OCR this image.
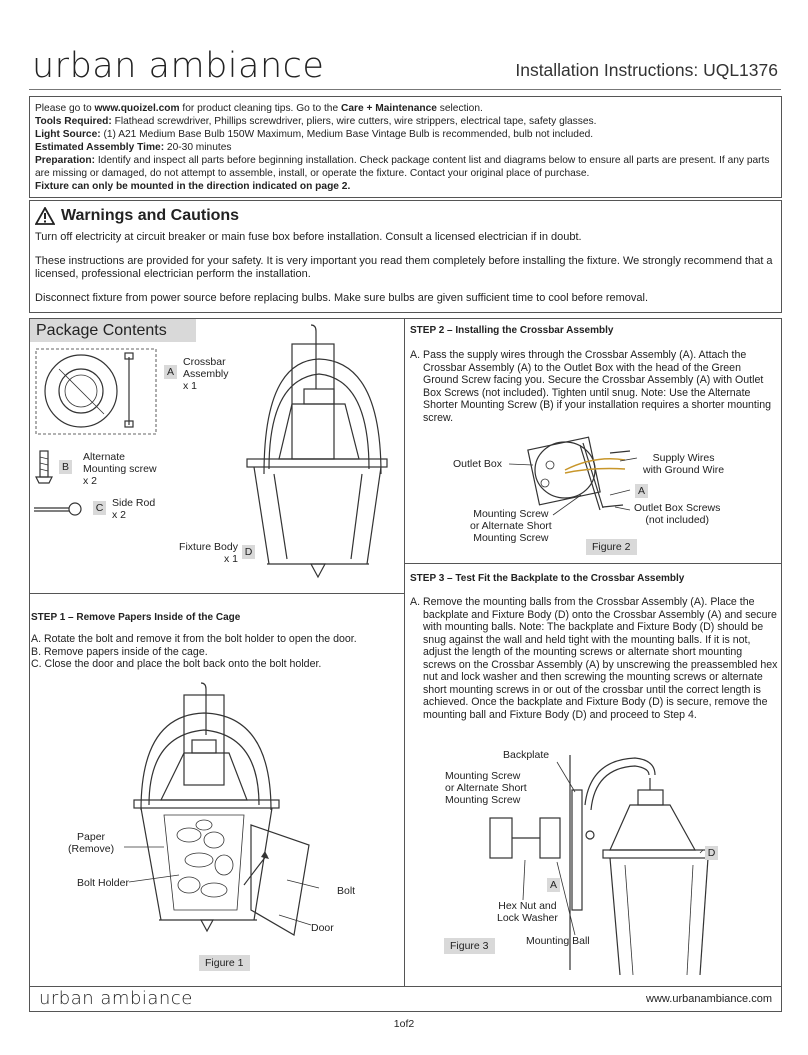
urban ambiance	Installation Instructions: UQL1376

Please go to www.quoizel.com for product cleaning tips. Go to the Care + Maintenance selection.

Tools Required: Flathead screwdriver, Phillips screwdriver, pliers, wire cutters, wire strippers, electrical tape, safety glasses.

Light Source: (1) A21 Medium Base Bulb 150W Maximum, Medium Base Vintage Bulb is recommended, bulb not included.

Estimated Assembly Time: 20-30 minutes

Preparation: Identify and inspect all parts before beginning installation. Check package content list and diagrams below to ensure all parts are present. If any parts are missing or damaged, do not attempt to assemble, install, or operate the fixture. Contact your original place of purchase.

Fixture can only be mounted in the direction indicated on page 2.

Warnings and Cautions

Turn off electricity at circuit breaker or main fuse box before installation. Consult a licensed electrician if in doubt.

These instructions are provided for your safety. It is very important you read them completely before installing the fixture. We strongly recommend that a licensed, professional electrician perform the installation.

Disconnect fixture from power source before replacing bulbs. Make sure bulbs are given sufficient time to cool before removal.

Package Contents
A
Crossbar
Assembly
x 1
B
Alternate
Mounting screw
x 2
C Side Rod
x 2
Fixture Body
x 1
D
STEP 1 – Remove Papers Inside of the Cage

A. Rotate the bolt and remove it from the bolt holder to open the door.

B. Remove papers inside of the cage.

C. Close the door and place the bolt back onto the bolt holder.

Paper
(Remove)
Bolt Holder
Bolt
Door
Figure 1
STEP 2 – Installing the Crossbar Assembly
A. Pass the supply wires through the Crossbar Assembly (A). Attach the Crossbar Assembly (A) to the Outlet Box with the head of the Green Ground Screw facing you. Secure the Crossbar Assembly (A) with Outlet Box Screws (not included). Tighten until snug. Note: Use the Alternate Shorter Mounting Screw (B) if your installation requires a shorter mounting screw.
Outlet Box	Supply Wires
with Ground Wire
A
Mounting Screw
or Alternate Short
Mounting Screw
Outlet Box Screws
(not included)
Figure 2
STEP 3 – Test Fit the Backplate to the Crossbar Assembly
A. Remove the mounting balls from the Crossbar Assembly (A). Place the backplate and Fixture Body (D) onto the Crossbar Assembly (A) and secure with mounting balls. Note: The backplate and Fixture Body (D) should be snug against the wall and held tight with the mounting balls. If it is not, adjust the length of the mounting screws or alternate short mounting screws on the Crossbar Assembly (A) by unscrewing the preassembled hex nut and lock washer and then screwing the mounting screws or alternate short mounting screws in or out of the crossbar until the correct length is achieved. Once the backplate and Fixture Body (D) is secure, remove the mounting ball and Fixture Body (D) and proceed to Step 4.
Backplate
Mounting Screw
or Alternate Short
Mounting Screw
D
A
Hex Nut and
Lock Washer
Mounting Ball
Figure 3
urban ambiance	www.urbanambiance.com
1of2
